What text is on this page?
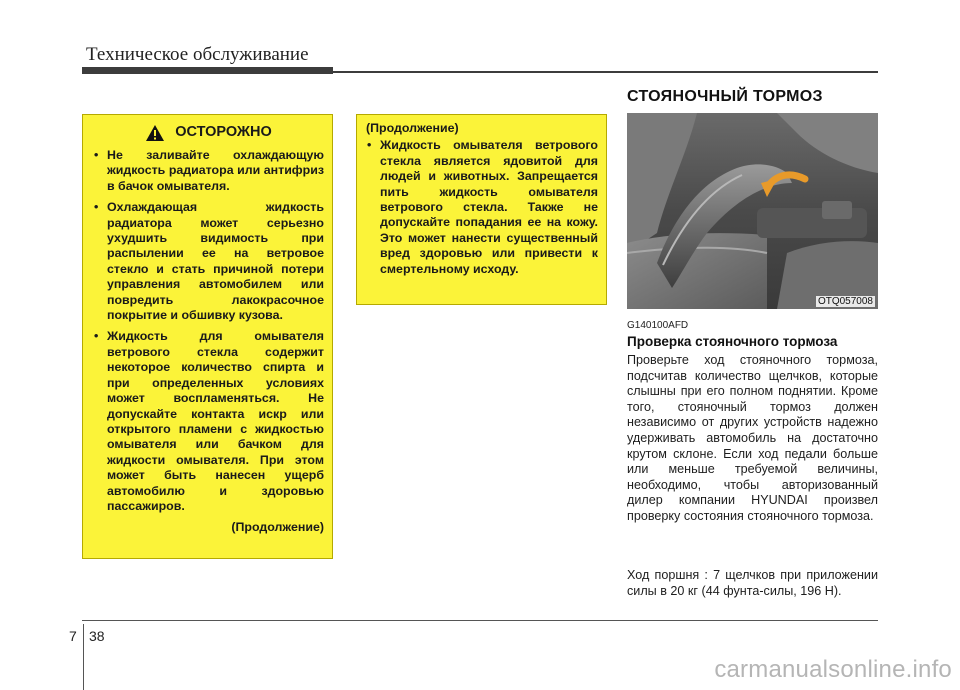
Техническое обслуживание
СТОЯНОЧНЫЙ ТОРМОЗ
ОСТОРОЖНО
• Не заливайте охлаждающую жидкость радиатора или антифриз в бачок омывателя.
• Охлаждающая жидкость радиатора может серьезно ухудшить видимость при распылении ее на ветровое стекло и стать причиной потери управления автомобилем или повредить лакокрасочное покрытие и обшивку кузова.
• Жидкость для омывателя ветрового стекла содержит некоторое количество спирта и при определенных условиях может воспламеняться. Не допускайте контакта искр или открытого пламени с жидкостью омывателя или бачком для жидкости омывателя. При этом может быть нанесен ущерб автомобилю и здоровью пассажиров.
(Продолжение)
(Продолжение)
• Жидкость омывателя ветрового стекла является ядовитой для людей и животных. Запрещается пить жидкость омывателя ветрового стекла. Также не допускайте попадания ее на кожу. Это может нанести существенный вред здоровью или привести к смертельному исходу.
OTQ057008
G140100AFD
Проверка стояночного тормоза
Проверьте ход стояночного тормоза, подсчитав количество щелчков, которые слышны при его полном поднятии. Кроме того, стояночный тормоз должен независимо от других устройств надежно удерживать автомобиль на достаточно крутом склоне. Если ход педали больше или меньше требуемой величины, необходимо, чтобы авторизованный дилер компании HYUNDAI произвел проверку состояния стояночного тормоза.
Ход поршня : 7 щелчков при приложении силы в 20 кг (44 фунта-силы, 196 Н).
7 38
carmanualsonline.info
